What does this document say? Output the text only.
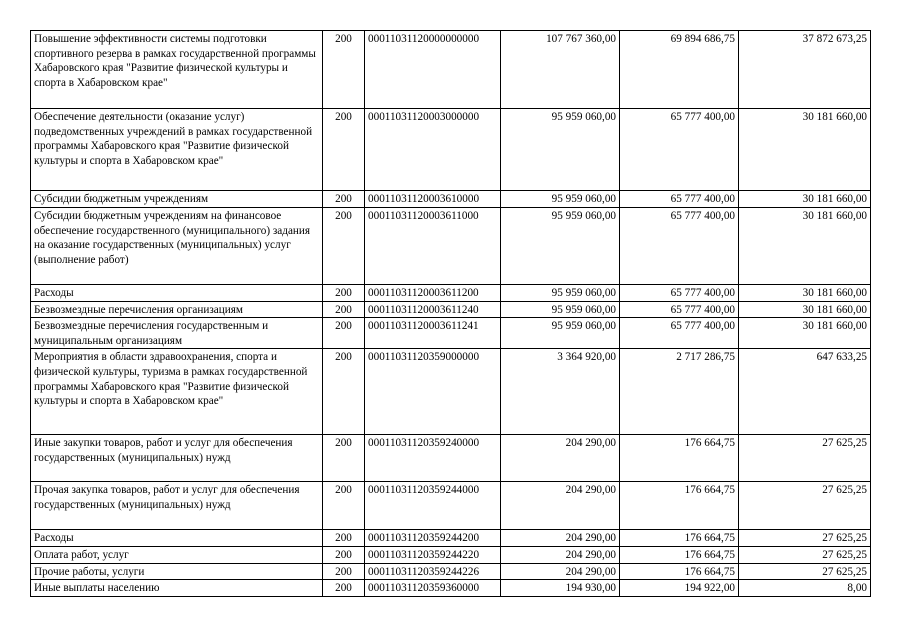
Повышение эффективности системы подготовки спортивного резерва в рамках государственной программы Хабаровского края "Развитие физической культуры и спорта в Хабаровском крае"	200	00011031120000000000	107 767 360,00	69 894 686,75	37 872 673,25
Обеспечение деятельности (оказание услуг) подведомственных учреждений в рамках государственной программы Хабаровского края "Развитие физической культуры и спорта в Хабаровском крае"	200	00011031120003000000	95 959 060,00	65 777 400,00	30 181 660,00
Субсидии бюджетным учреждениям	200	00011031120003610000	95 959 060,00	65 777 400,00	30 181 660,00
Субсидии бюджетным учреждениям на финансовое обеспечение государственного (муниципального) задания на оказание государственных (муниципальных) услуг (выполнение работ)	200	00011031120003611000	95 959 060,00	65 777 400,00	30 181 660,00
Расходы	200	00011031120003611200	95 959 060,00	65 777 400,00	30 181 660,00
Безвозмездные перечисления организациям	200	00011031120003611240	95 959 060,00	65 777 400,00	30 181 660,00
Безвозмездные перечисления государственным и муниципальным организациям	200	00011031120003611241	95 959 060,00	65 777 400,00	30 181 660,00
Мероприятия в области здравоохранения, спорта и физической культуры, туризма в рамках государственной программы Хабаровского края "Развитие физической культуры и спорта в Хабаровском крае"	200	00011031120359000000	3 364 920,00	2 717 286,75	647 633,25
Иные закупки товаров, работ и услуг для обеспечения государственных (муниципальных) нужд	200	00011031120359240000	204 290,00	176 664,75	27 625,25
Прочая закупка товаров, работ и услуг для обеспечения государственных (муниципальных) нужд	200	00011031120359244000	204 290,00	176 664,75	27 625,25
Расходы	200	00011031120359244200	204 290,00	176 664,75	27 625,25
Оплата работ, услуг	200	00011031120359244220	204 290,00	176 664,75	27 625,25
Прочие работы, услуги	200	00011031120359244226	204 290,00	176 664,75	27 625,25
Иные выплаты населению	200	00011031120359360000	194 930,00	194 922,00	8,00
